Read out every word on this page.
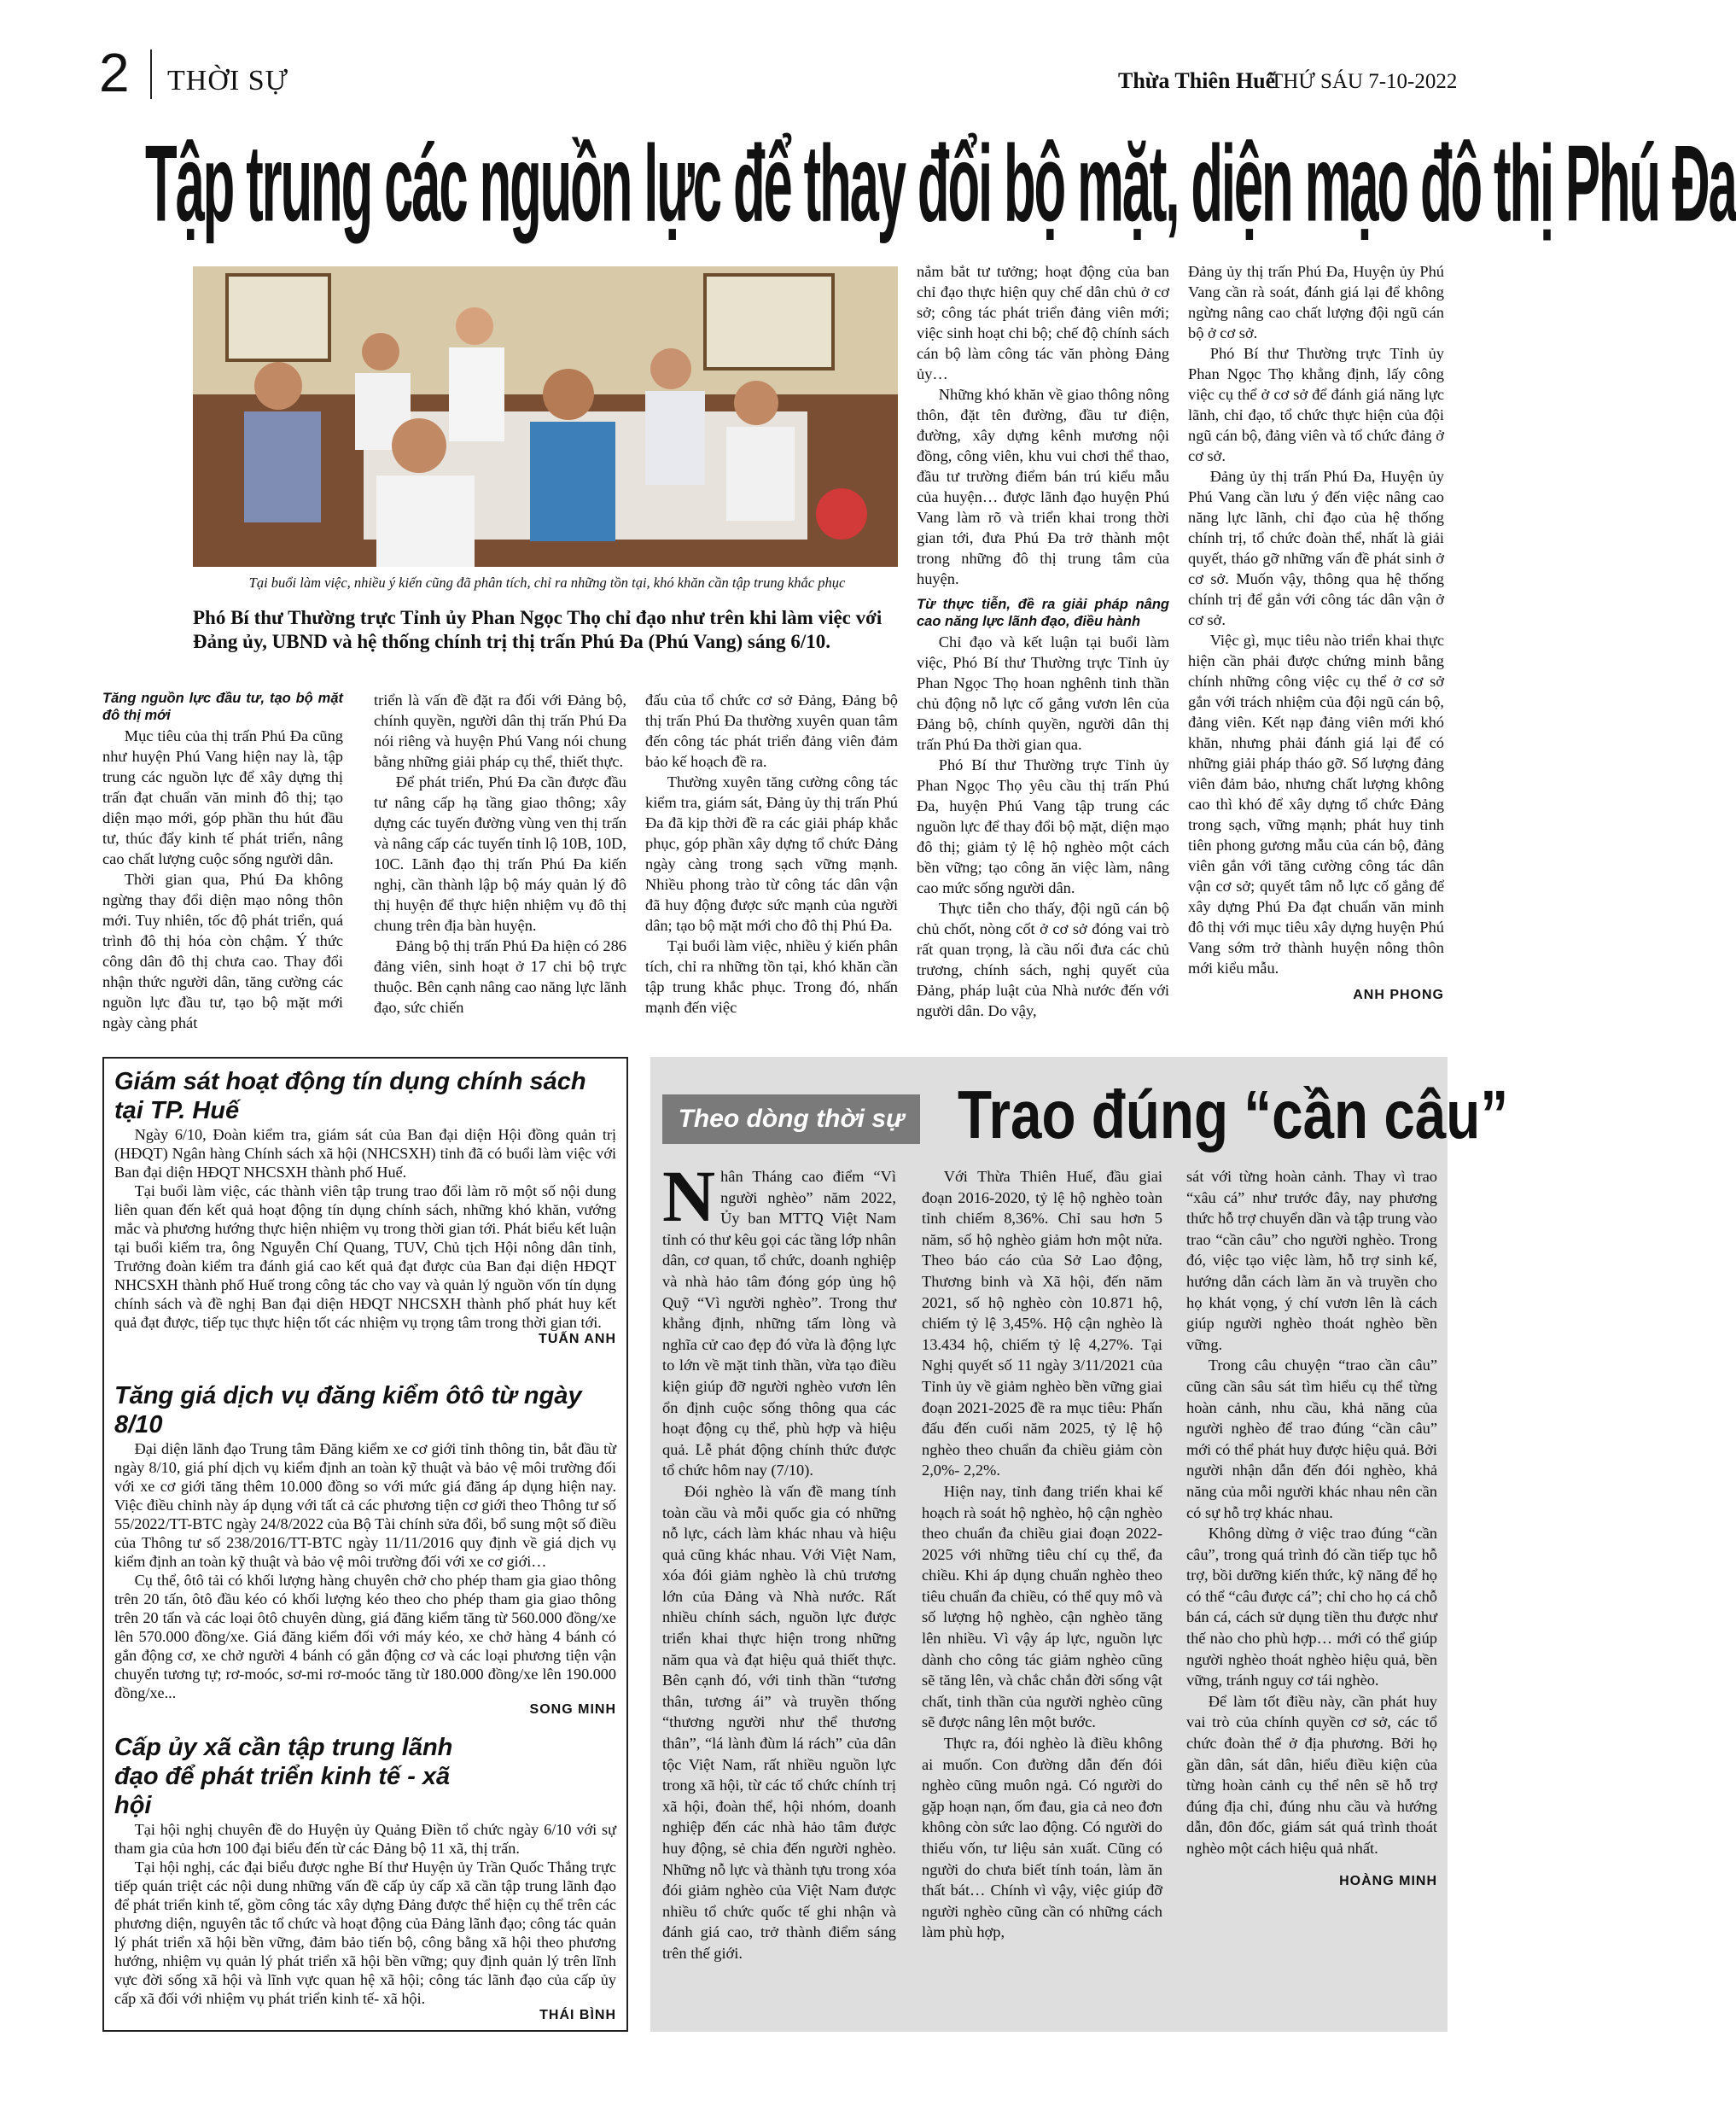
2 THỜI SỰ	Thừa Thiên Huế
THỨ SÁU 7-10-2022
Tập trung các nguồn lực để thay đổi bộ mặt, diện mạo đô thị Phú Đa
Tại buổi làm việc, nhiều ý kiến cũng đã phân tích, chỉ ra những tồn tại, khó khăn cần tập trung khắc phục
Phó Bí thư Thường trực Tỉnh ủy Phan Ngọc Thọ chỉ đạo như trên khi làm việc với Đảng ủy, UBND và hệ thống chính trị thị trấn Phú Đa (Phú Vang) sáng 6/10.
Tăng nguồn lực đầu tư, tạo bộ mặt đô thị mới

Mục tiêu của thị trấn Phú Đa cũng như huyện Phú Vang hiện nay là, tập trung các nguồn lực để xây dựng thị trấn đạt chuẩn văn minh đô thị; tạo diện mạo mới, góp phần thu hút đầu tư, thúc đẩy kinh tế phát triển, nâng cao chất lượng cuộc sống người dân.

Thời gian qua, Phú Đa không ngừng thay đổi diện mạo nông thôn mới. Tuy nhiên, tốc độ phát triển, quá trình đô thị hóa còn chậm. Ý thức công dân đô thị chưa cao. Thay đổi nhận thức người dân, tăng cường các nguồn lực đầu tư, tạo bộ mặt mới ngày càng phát

triển là vấn đề đặt ra đối với Đảng bộ, chính quyền, người dân thị trấn Phú Đa nói riêng và huyện Phú Vang nói chung bằng những giải pháp cụ thể, thiết thực.

Để phát triển, Phú Đa cần được đầu tư nâng cấp hạ tầng giao thông; xây dựng các tuyến đường vùng ven thị trấn và nâng cấp các tuyến tỉnh lộ 10B, 10D, 10C. Lãnh đạo thị trấn Phú Đa kiến nghị, cần thành lập bộ máy quản lý đô thị huyện để thực hiện nhiệm vụ đô thị chung trên địa bàn huyện.

Đảng bộ thị trấn Phú Đa hiện có 286 đảng viên, sinh hoạt ở 17 chi bộ trực thuộc. Bên cạnh nâng cao năng lực lãnh đạo, sức chiến

đấu của tổ chức cơ sở Đảng, Đảng bộ thị trấn Phú Đa thường xuyên quan tâm đến công tác phát triển đảng viên đảm bảo kế hoạch đề ra.

Thường xuyên tăng cường công tác kiểm tra, giám sát, Đảng ủy thị trấn Phú Đa đã kịp thời đề ra các giải pháp khắc phục, góp phần xây dựng tổ chức Đảng ngày càng trong sạch vững mạnh. Nhiều phong trào từ công tác dân vận đã huy động được sức mạnh của người dân; tạo bộ mặt mới cho đô thị Phú Đa.

Tại buổi làm việc, nhiều ý kiến phân tích, chỉ ra những tồn tại, khó khăn cần tập trung khắc phục. Trong đó, nhấn mạnh đến việc

nắm bắt tư tưởng; hoạt động của ban chỉ đạo thực hiện quy chế dân chủ ở cơ sở; công tác phát triển đảng viên mới; việc sinh hoạt chi bộ; chế độ chính sách cán bộ làm công tác văn phòng Đảng ủy…

Những khó khăn về giao thông nông thôn, đặt tên đường, đầu tư điện, đường, xây dựng kênh mương nội đồng, công viên, khu vui chơi thể thao, đầu tư trường điểm bán trú kiểu mẫu của huyện… được lãnh đạo huyện Phú Vang làm rõ và triển khai trong thời gian tới, đưa Phú Đa trở thành một trong những đô thị trung tâm của huyện.

Từ thực tiễn, đề ra giải pháp nâng cao năng lực lãnh đạo, điều hành

Chỉ đạo và kết luận tại buổi làm việc, Phó Bí thư Thường trực Tỉnh ủy Phan Ngọc Thọ hoan nghênh tinh thần chủ động nỗ lực cố gắng vươn lên của Đảng bộ, chính quyền, người dân thị trấn Phú Đa thời gian qua.

Phó Bí thư Thường trực Tỉnh ủy Phan Ngọc Thọ yêu cầu thị trấn Phú Đa, huyện Phú Vang tập trung các nguồn lực để thay đổi bộ mặt, diện mạo đô thị; giảm tỷ lệ hộ nghèo một cách bền vững; tạo công ăn việc làm, nâng cao mức sống người dân.

Thực tiễn cho thấy, đội ngũ cán bộ chủ chốt, nòng cốt ở cơ sở đóng vai trò rất quan trọng, là cầu nối đưa các chủ trương, chính sách, nghị quyết của Đảng, pháp luật của Nhà nước đến với người dân. Do vậy,

Đảng ủy thị trấn Phú Đa, Huyện ủy Phú Vang cần rà soát, đánh giá lại để không ngừng nâng cao chất lượng đội ngũ cán bộ ở cơ sở.

Phó Bí thư Thường trực Tỉnh ủy Phan Ngọc Thọ khẳng định, lấy công việc cụ thể ở cơ sở để đánh giá năng lực lãnh, chỉ đạo, tổ chức thực hiện của đội ngũ cán bộ, đảng viên và tổ chức đảng ở cơ sở.

Đảng ủy thị trấn Phú Đa, Huyện ủy Phú Vang cần lưu ý đến việc nâng cao năng lực lãnh, chỉ đạo của hệ thống chính trị, tổ chức đoàn thể, nhất là giải quyết, tháo gỡ những vấn đề phát sinh ở cơ sở. Muốn vậy, thông qua hệ thống chính trị để gắn với công tác dân vận ở cơ sở.

Việc gì, mục tiêu nào triển khai thực hiện cần phải được chứng minh bằng chính những công việc cụ thể ở cơ sở gắn với trách nhiệm của đội ngũ cán bộ, đảng viên. Kết nạp đảng viên mới khó khăn, nhưng phải đánh giá lại để có những giải pháp tháo gỡ. Số lượng đảng viên đảm bảo, nhưng chất lượng không cao thì khó để xây dựng tổ chức Đảng trong sạch, vững mạnh; phát huy tinh tiên phong gương mẫu của cán bộ, đảng viên gắn với tăng cường công tác dân vận cơ sở; quyết tâm nỗ lực cố gắng để xây dựng Phú Đa đạt chuẩn văn minh đô thị với mục tiêu xây dựng huyện Phú Vang sớm trở thành huyện nông thôn mới kiểu mẫu.

ANH PHONG
Giám sát hoạt động tín dụng chính sách tại TP. Huế

Ngày 6/10, Đoàn kiểm tra, giám sát của Ban đại diện Hội đồng quản trị (HĐQT) Ngân hàng Chính sách xã hội (NHCSXH) tỉnh đã có buổi làm việc với Ban đại diện HĐQT NHCSXH thành phố Huế.

Tại buổi làm việc, các thành viên tập trung trao đổi làm rõ một số nội dung liên quan đến kết quả hoạt động tín dụng chính sách, những khó khăn, vướng mắc và phương hướng thực hiện nhiệm vụ trong thời gian tới. Phát biểu kết luận tại buổi kiểm tra, ông Nguyễn Chí Quang, TUV, Chủ tịch Hội nông dân tỉnh, Trưởng đoàn kiểm tra đánh giá cao kết quả đạt được của Ban đại diện HĐQT NHCSXH thành phố Huế trong công tác cho vay và quản lý nguồn vốn tín dụng chính sách và đề nghị Ban đại diện HĐQT NHCSXH thành phố phát huy kết quả đạt được, tiếp tục thực hiện tốt các nhiệm vụ trọng tâm trong thời gian tới.

TUẤN ANH
Tăng giá dịch vụ đăng kiểm ôtô từ ngày 8/10

Đại diện lãnh đạo Trung tâm Đăng kiểm xe cơ giới tỉnh thông tin, bắt đầu từ ngày 8/10, giá phí dịch vụ kiểm định an toàn kỹ thuật và bảo vệ môi trường đối với xe cơ giới tăng thêm 10.000 đồng so với mức giá đăng áp dụng hiện nay. Việc điều chỉnh này áp dụng với tất cả các phương tiện cơ giới theo Thông tư số 55/2022/TT-BTC ngày 24/8/2022 của Bộ Tài chính sửa đổi, bổ sung một số điều của Thông tư số 238/2016/TT-BTC ngày 11/11/2016 quy định về giá dịch vụ kiểm định an toàn kỹ thuật và bảo vệ môi trường đối với xe cơ giới…

Cụ thể, ôtô tải có khối lượng hàng chuyên chở cho phép tham gia giao thông trên 20 tấn, ôtô đầu kéo có khối lượng kéo theo cho phép tham gia giao thông trên 20 tấn và các loại ôtô chuyên dùng, giá đăng kiểm tăng từ 560.000 đồng/xe lên 570.000 đồng/xe. Giá đăng kiểm đối với máy kéo, xe chở hàng 4 bánh có gắn động cơ, xe chở người 4 bánh có gắn động cơ và các loại phương tiện vận chuyển tương tự; rơ-moóc, sơ-mi rơ-moóc tăng từ 180.000 đồng/xe lên 190.000 đồng/xe...

SONG MINH
Cấp ủy xã cần tập trung lãnh đạo để phát triển kinh tế - xã hội

Tại hội nghị chuyên đề do Huyện ủy Quảng Điền tổ chức ngày 6/10 với sự tham gia của hơn 100 đại biểu đến từ các Đảng bộ 11 xã, thị trấn.

Tại hội nghị, các đại biểu được nghe Bí thư Huyện ủy Trần Quốc Thắng trực tiếp quán triệt các nội dung những vấn đề cấp ủy cấp xã cần tập trung lãnh đạo để phát triển kinh tế, gồm công tác xây dựng Đảng được thể hiện cụ thể trên các phương diện, nguyên tắc tổ chức và hoạt động của Đảng lãnh đạo; công tác quản lý phát triển xã hội bền vững, đảm bảo tiến bộ, công bằng xã hội theo phương hướng, nhiệm vụ quản lý phát triển xã hội bền vững; quy định quản lý trên lĩnh vực đời sống xã hội và lĩnh vực quan hệ xã hội; công tác lãnh đạo của cấp ủy cấp xã đối với nhiệm vụ phát triển kinh tế- xã hội.

THÁI BÌNH
Theo dòng thời sự Trao đúng “cần câu”
N hân Tháng cao điểm “Vì người nghèo” năm 2022, Ủy ban MTTQ Việt Nam tỉnh có thư kêu gọi các tầng lớp nhân dân, cơ quan, tổ chức, doanh nghiệp và nhà hảo tâm đóng góp ủng hộ Quỹ “Vì người nghèo”. Trong thư khẳng định, những tấm lòng và nghĩa cử cao đẹp đó vừa là động lực to lớn về mặt tinh thần, vừa tạo điều kiện giúp đỡ người nghèo vươn lên ổn định cuộc sống thông qua các hoạt động cụ thể, phù hợp và hiệu quả. Lễ phát động chính thức được tổ chức hôm nay (7/10).

Đói nghèo là vấn đề mang tính toàn cầu và mỗi quốc gia có những nỗ lực, cách làm khác nhau và hiệu quả cũng khác nhau. Với Việt Nam, xóa đói giảm nghèo là chủ trương lớn của Đảng và Nhà nước. Rất nhiều chính sách, nguồn lực được triển khai thực hiện trong những năm qua và đạt hiệu quả thiết thực. Bên cạnh đó, với tinh thần “tương thân, tương ái” và truyền thống “thương người như thể thương thân”, “lá lành đùm lá rách” của dân tộc Việt Nam, rất nhiều nguồn lực trong xã hội, từ các tổ chức chính trị xã hội, đoàn thể, hội nhóm, doanh nghiệp đến các nhà hảo tâm được huy động, sẻ chia đến người nghèo. Những nỗ lực và thành tựu trong xóa đói giảm nghèo của Việt Nam được nhiều tổ chức quốc tế ghi nhận và đánh giá cao, trở thành điểm sáng trên thế giới.

Với Thừa Thiên Huế, đầu giai đoạn 2016-2020, tỷ lệ hộ nghèo toàn tỉnh chiếm 8,36%. Chỉ sau hơn 5 năm, số hộ nghèo giảm hơn một nửa. Theo báo cáo của Sở Lao động, Thương binh và Xã hội, đến năm 2021, số hộ nghèo còn 10.871 hộ, chiếm tỷ lệ 3,45%. Hộ cận nghèo là 13.434 hộ, chiếm tỷ lệ 4,27%. Tại Nghị quyết số 11 ngày 3/11/2021 của Tỉnh ủy về giảm nghèo bền vững giai đoạn 2021-2025 đề ra mục tiêu: Phấn đấu đến cuối năm 2025, tỷ lệ hộ nghèo theo chuẩn đa chiều giảm còn 2,0%- 2,2%.

Hiện nay, tỉnh đang triển khai kế hoạch rà soát hộ nghèo, hộ cận nghèo theo chuẩn đa chiều giai đoạn 2022-2025 với những tiêu chí cụ thể, đa chiều. Khi áp dụng chuẩn nghèo theo tiêu chuẩn đa chiều, có thể quy mô và số lượng hộ nghèo, cận nghèo tăng lên nhiều. Vì vậy áp lực, nguồn lực dành cho công tác giảm nghèo cũng sẽ tăng lên, và chắc chắn đời sống vật chất, tinh thần của người nghèo cũng sẽ được nâng lên một bước.

Thực ra, đói nghèo là điều không ai muốn. Con đường dẫn đến đói nghèo cũng muôn ngả. Có người do gặp hoạn nạn, ốm đau, gia cả neo đơn không còn sức lao động. Có người do thiếu vốn, tư liệu sản xuất. Cũng có người do chưa biết tính toán, làm ăn thất bát… Chính vì vậy, việc giúp đỡ người nghèo cũng cần có những cách làm phù hợp,

sát với từng hoàn cảnh. Thay vì trao “xâu cá” như trước đây, nay phương thức hỗ trợ chuyển dần và tập trung vào trao “cần câu” cho người nghèo. Trong đó, việc tạo việc làm, hỗ trợ sinh kế, hướng dẫn cách làm ăn và truyền cho họ khát vọng, ý chí vươn lên là cách giúp người nghèo thoát nghèo bền vững.

Trong câu chuyện “trao cần câu” cũng cần sâu sát tìm hiểu cụ thể từng hoàn cảnh, nhu cầu, khả năng của người nghèo để trao đúng “cần câu” mới có thể phát huy được hiệu quả. Bởi người nhận dẫn đến đói nghèo, khả năng của mỗi người khác nhau nên cần có sự hỗ trợ khác nhau.

Không dừng ở việc trao đúng “cần câu”, trong quá trình đó cần tiếp tục hỗ trợ, bồi dưỡng kiến thức, kỹ năng để họ có thể “câu được cá”; chỉ cho họ cá chỗ bán cá, cách sử dụng tiền thu được như thế nào cho phù hợp… mới có thể giúp người nghèo thoát nghèo hiệu quả, bền vững, tránh nguy cơ tái nghèo.

Để làm tốt điều này, cần phát huy vai trò của chính quyền cơ sở, các tổ chức đoàn thể ở địa phương. Bởi họ gần dân, sát dân, hiểu điều kiện của từng hoàn cảnh cụ thể nên sẽ hỗ trợ đúng địa chỉ, đúng nhu cầu và hướng dẫn, đôn đốc, giám sát quá trình thoát nghèo một cách hiệu quả nhất.

HOÀNG MINH
